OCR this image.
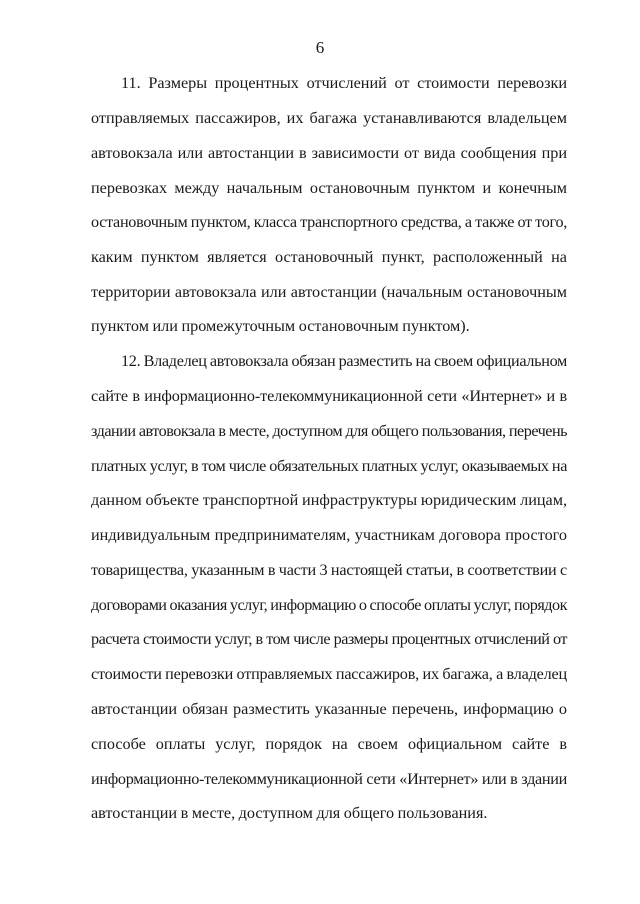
6
11. Размеры процентных отчислений от стоимости перевозки
отправляемых пассажиров, их багажа устанавливаются владельцем
автовокзала или автостанции в зависимости от вида сообщения при
перевозках между начальным остановочным пунктом и конечным
остановочным пунктом, класса транспортного средства, а также от того,
каким пунктом является остановочный пункт, расположенный на
территории автовокзала или автостанции (начальным остановочным
пунктом или промежуточным остановочным пунктом).
12. Владелец автовокзала обязан разместить на своем официальном
сайте в информационно-телекоммуникационной сети «Интернет» и в
здании автовокзала в месте, доступном для общего пользования, перечень
платных услуг, в том числе обязательных платных услуг, оказываемых на
данном объекте транспортной инфраструктуры юридическим лицам,
индивидуальным предпринимателям, участникам договора простого
товарищества, указанным в части 3 настоящей статьи, в соответствии с
договорами оказания услуг, информацию о способе оплаты услуг, порядок
расчета стоимости услуг, в том числе размеры процентных отчислений от
стоимости перевозки отправляемых пассажиров, их багажа, а владелец
автостанции обязан разместить указанные перечень, информацию о
способе оплаты услуг, порядок на своем официальном сайте в
информационно-телекоммуникационной сети «Интернет» или в здании
автостанции в месте, доступном для общего пользования.
